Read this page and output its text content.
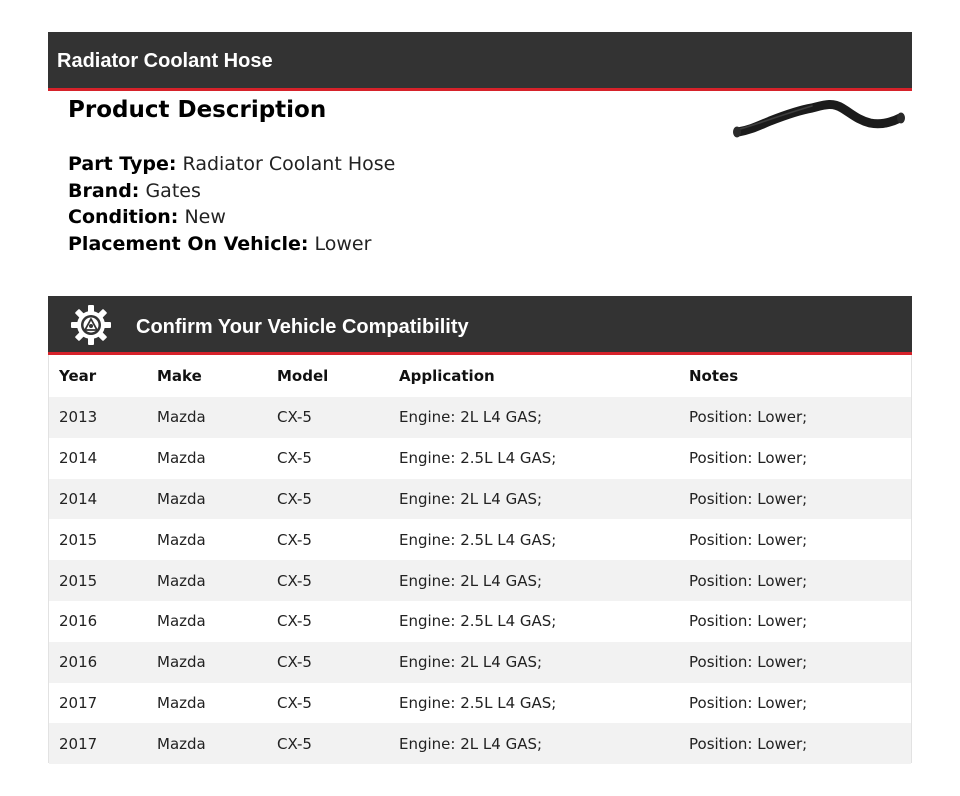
Radiator Coolant Hose
Product Description
Part Type: Radiator Coolant Hose
Brand: Gates
Condition: New
Placement On Vehicle: Lower
Confirm Your Vehicle Compatibility
Year	Make	Model	Application	Notes
2013	Mazda	CX-5	Engine: 2L L4 GAS;	Position: Lower;
2014	Mazda	CX-5	Engine: 2.5L L4 GAS;	Position: Lower;
2014	Mazda	CX-5	Engine: 2L L4 GAS;	Position: Lower;
2015	Mazda	CX-5	Engine: 2.5L L4 GAS;	Position: Lower;
2015	Mazda	CX-5	Engine: 2L L4 GAS;	Position: Lower;
2016	Mazda	CX-5	Engine: 2.5L L4 GAS;	Position: Lower;
2016	Mazda	CX-5	Engine: 2L L4 GAS;	Position: Lower;
2017	Mazda	CX-5	Engine: 2.5L L4 GAS;	Position: Lower;
2017	Mazda	CX-5	Engine: 2L L4 GAS;	Position: Lower;
